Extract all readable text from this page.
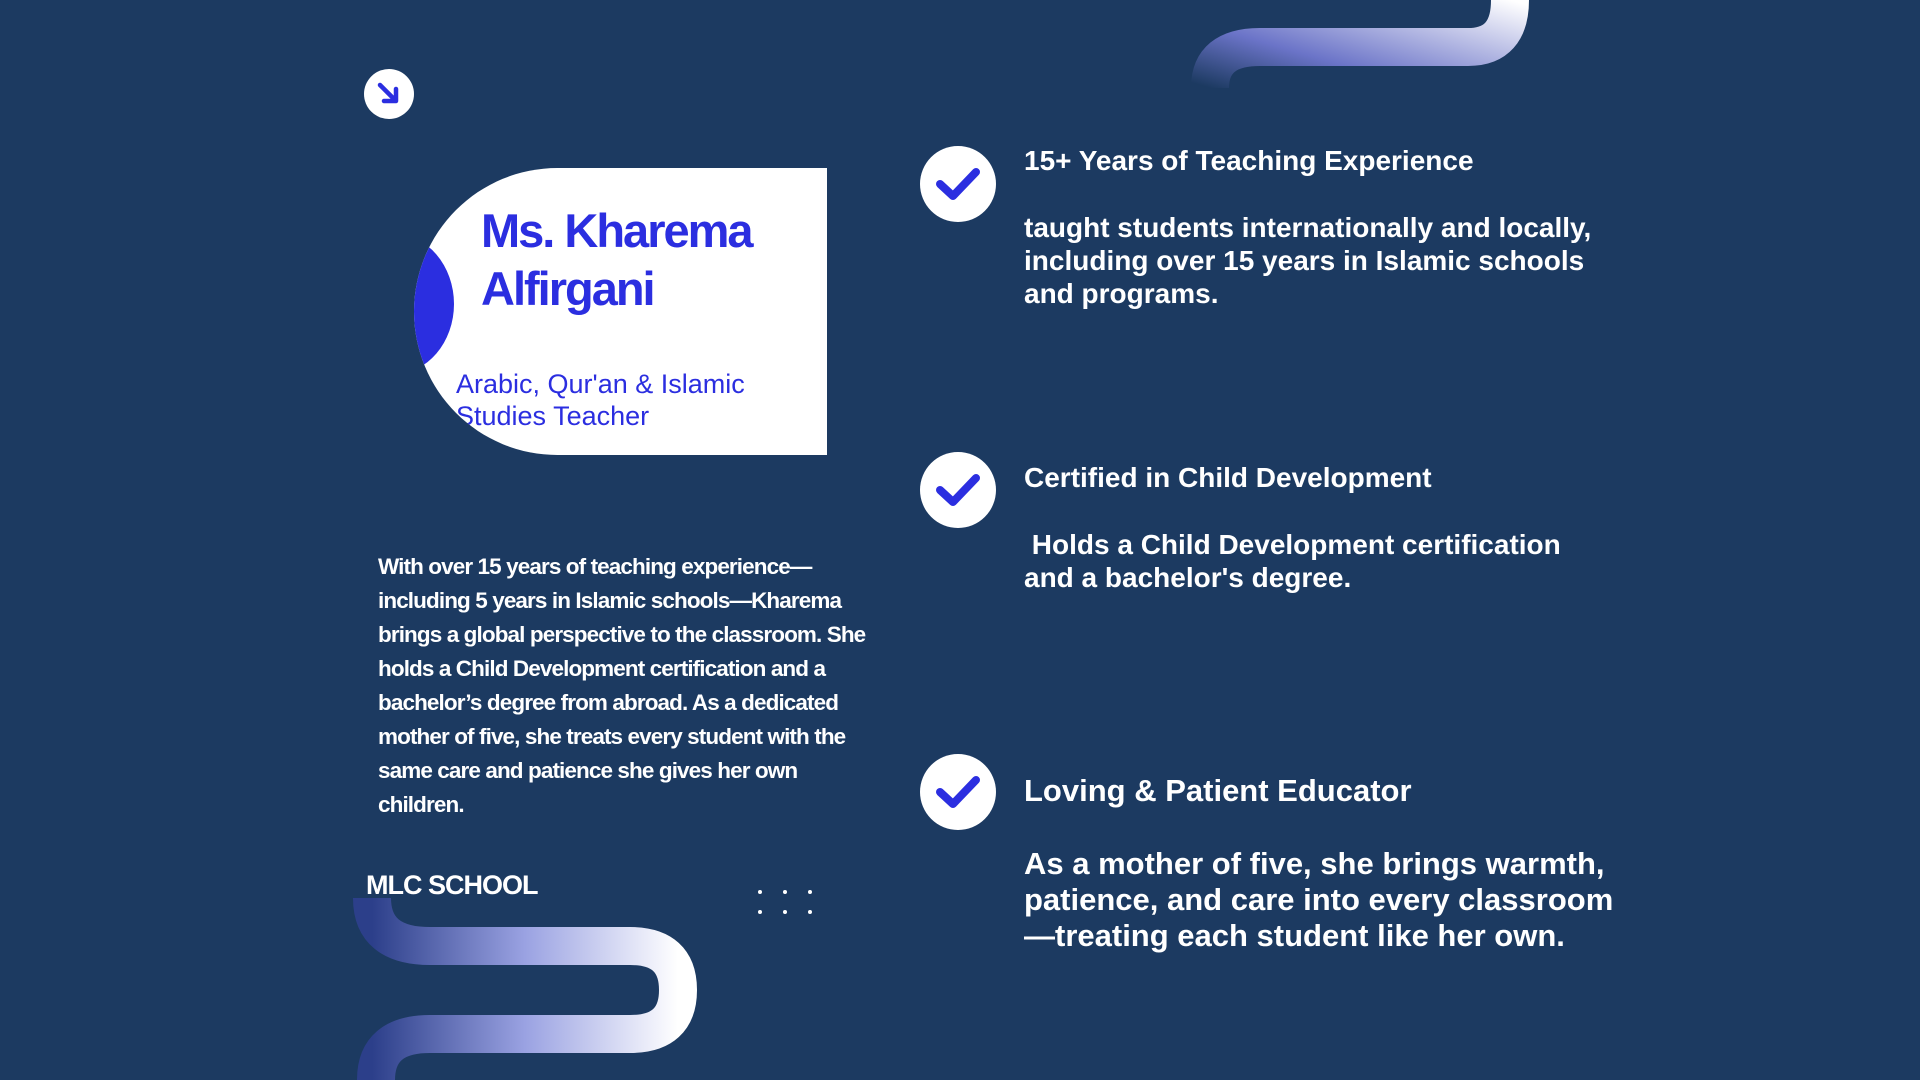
Ms. Kharema Alfirgani
Arabic, Qur'an & Islamic Studies Teacher
With over 15 years of teaching experience—including 5 years in Islamic schools—Kharema brings a global perspective to the classroom. She holds a Child Development certification and a bachelor’s degree from abroad. As a dedicated mother of five, she treats every student with the same care and patience she gives her own children.
MLC SCHOOL
15+ Years of Teaching Experience
taught students internationally and locally, including over 15 years in Islamic schools and programs.
Certified in Child Development
Holds a Child Development certification and a bachelor's degree.
Loving & Patient Educator
As a mother of five, she brings warmth, patience, and care into every classroom—treating each student like her own.
